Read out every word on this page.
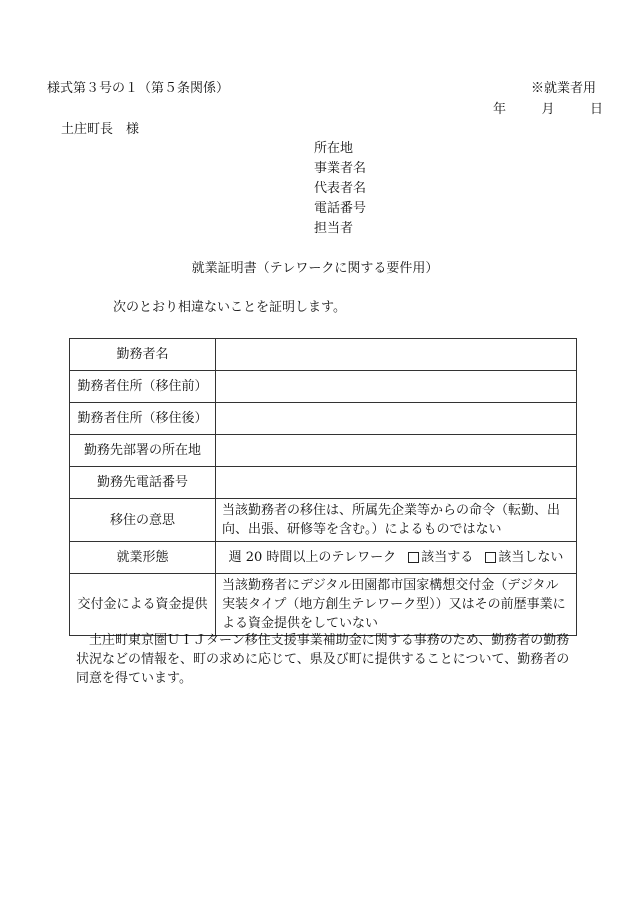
様式第３号の１（第５条関係）	※就業者用
年	月	日
土庄町長　様
所在地
事業者名
代表者名
電話番号
担当者
就業証明書（テレワークに関する要件用）
次のとおり相違ないことを証明します。
勤務者名	
勤務者住所（移住前）	
勤務者住所（移住後）	
勤務先部署の所在地	
勤務先電話番号	
移住の意思	当該勤務者の移住は、所属先企業等からの命令（転勤、出向、出張、研修等を含む。）によるものではない
就業形態	週 20 時間以上のテレワーク 該当する 該当しない
交付金による資金提供	当該勤務者にデジタル田園都市国家構想交付金（デジタル実装タイプ（地方創生テレワーク型））又はその前歴事業による資金提供をしていない
土庄町東京圏ＵＩＪターン移住支援事業補助金に関する事務のため、勤務者の勤務状況などの情報を、町の求めに応じて、県及び町に提供することについて、勤務者の同意を得ています。
